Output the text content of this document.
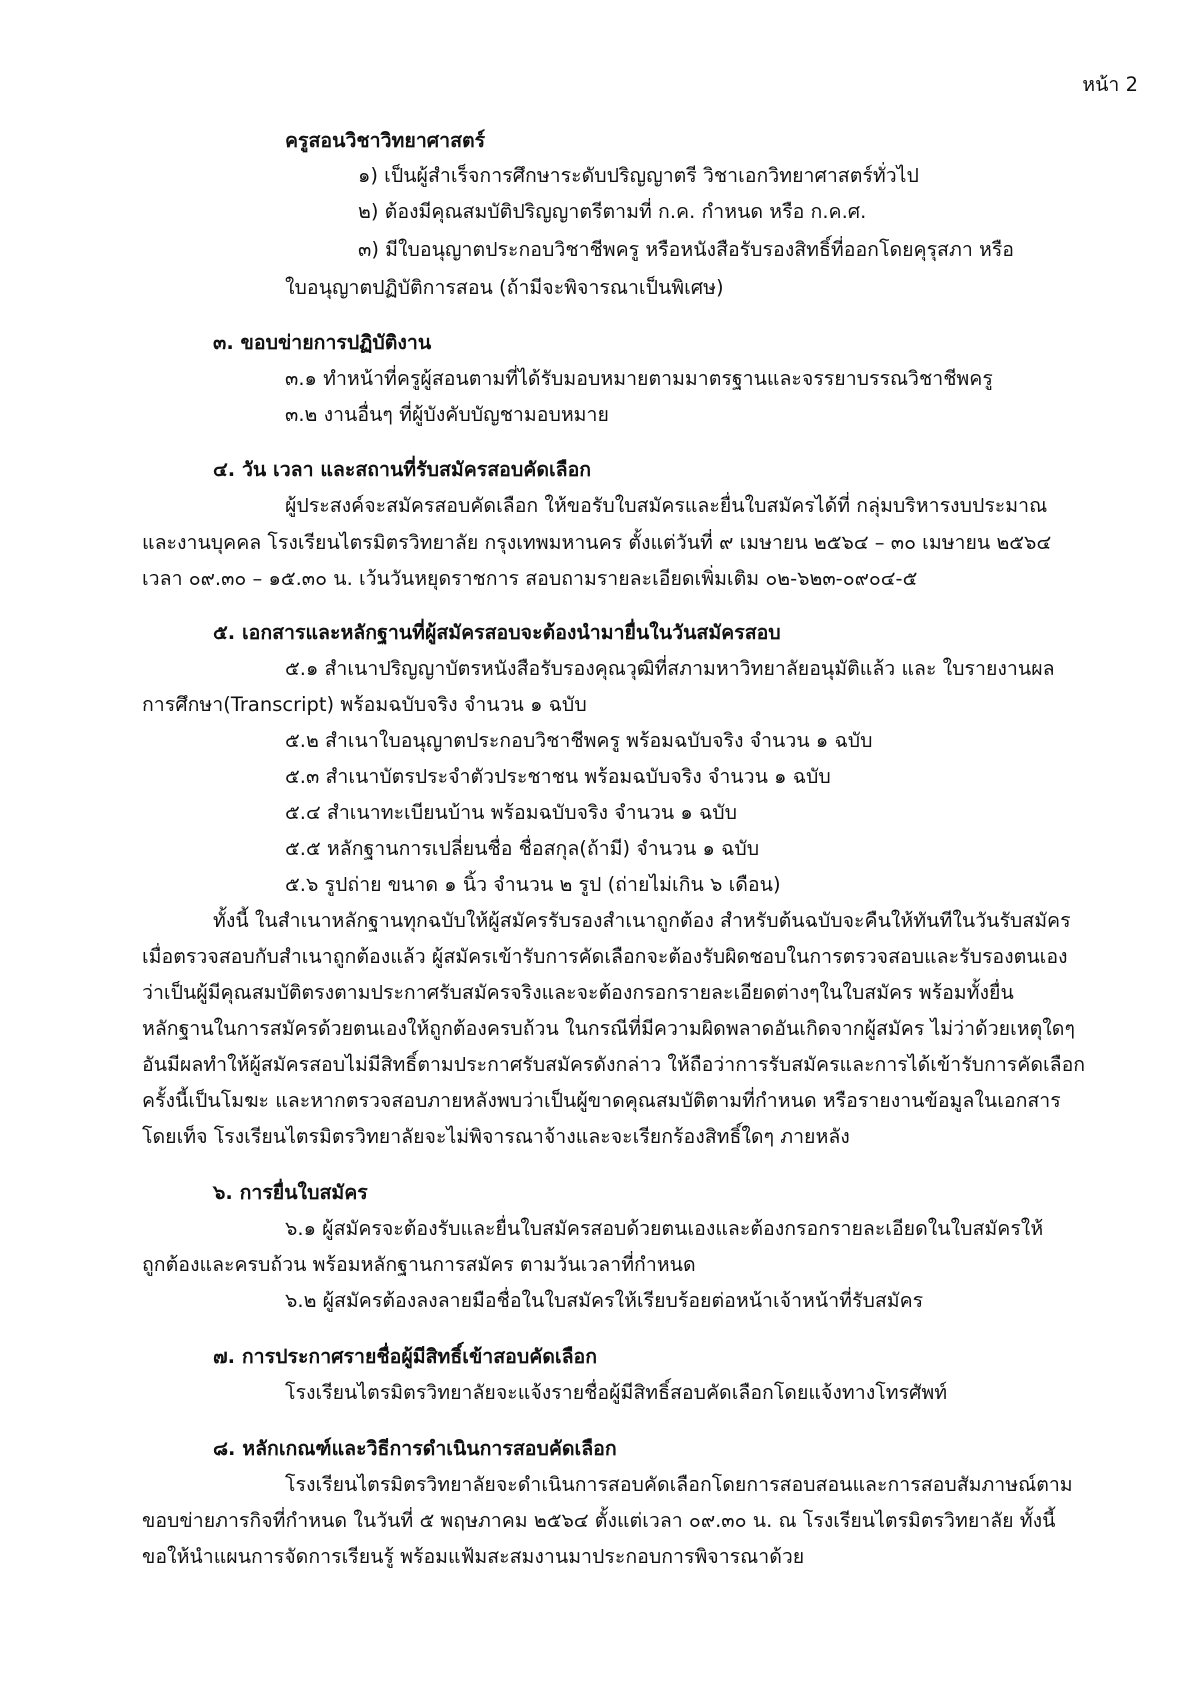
หน้า 2
ครูสอนวิชาวิทยาศาสตร์
๑) เป็นผู้สำเร็จการศึกษาระดับปริญญาตรี วิชาเอกวิทยาศาสตร์ทั่วไป
๒) ต้องมีคุณสมบัติปริญญาตรีตามที่ ก.ค. กำหนด หรือ ก.ค.ศ.
๓) มีใบอนุญาตประกอบวิชาชีพครู หรือหนังสือรับรองสิทธิ์ที่ออกโดยคุรุสภา หรือ
ใบอนุญาตปฏิบัติการสอน (ถ้ามีจะพิจารณาเป็นพิเศษ)
๓. ขอบข่ายการปฏิบัติงาน
๓.๑ ทำหน้าที่ครูผู้สอนตามที่ได้รับมอบหมายตามมาตรฐานและจรรยาบรรณวิชาชีพครู
๓.๒ งานอื่นๆ ที่ผู้บังคับบัญชามอบหมาย
๔. วัน เวลา และสถานที่รับสมัครสอบคัดเลือก
ผู้ประสงค์จะสมัครสอบคัดเลือก ให้ขอรับใบสมัครและยื่นใบสมัครได้ที่ กลุ่มบริหารงบประมาณ
และงานบุคคล โรงเรียนไตรมิตรวิทยาลัย กรุงเทพมหานคร ตั้งแต่วันที่ ๙ เมษายน ๒๕๖๔ – ๓๐ เมษายน ๒๕๖๔
เวลา ๐๙.๓๐ – ๑๕.๓๐ น. เว้นวันหยุดราชการ สอบถามรายละเอียดเพิ่มเติม ๐๒-๖๒๓-๐๙๐๔-๕
๕. เอกสารและหลักฐานที่ผู้สมัครสอบจะต้องนำมายื่นในวันสมัครสอบ
๕.๑ สำเนาปริญญาบัตรหนังสือรับรองคุณวุฒิที่สภามหาวิทยาลัยอนุมัติแล้ว และ ใบรายงานผล
การศึกษา(Transcript) พร้อมฉบับจริง จำนวน ๑ ฉบับ
๕.๒ สำเนาใบอนุญาตประกอบวิชาชีพครู พร้อมฉบับจริง จำนวน ๑ ฉบับ
๕.๓ สำเนาบัตรประจำตัวประชาชน พร้อมฉบับจริง จำนวน ๑ ฉบับ
๕.๔ สำเนาทะเบียนบ้าน พร้อมฉบับจริง จำนวน ๑ ฉบับ
๕.๕ หลักฐานการเปลี่ยนชื่อ ชื่อสกุล(ถ้ามี) จำนวน ๑ ฉบับ
๕.๖ รูปถ่าย ขนาด ๑ นิ้ว จำนวน ๒ รูป (ถ่ายไม่เกิน ๖ เดือน)
ทั้งนี้ ในสำเนาหลักฐานทุกฉบับให้ผู้สมัครรับรองสำเนาถูกต้อง สำหรับต้นฉบับจะคืนให้ทันทีในวันรับสมัคร
เมื่อตรวจสอบกับสำเนาถูกต้องแล้ว ผู้สมัครเข้ารับการคัดเลือกจะต้องรับผิดชอบในการตรวจสอบและรับรองตนเอง
ว่าเป็นผู้มีคุณสมบัติตรงตามประกาศรับสมัครจริงและจะต้องกรอกรายละเอียดต่างๆในใบสมัคร พร้อมทั้งยื่น
หลักฐานในการสมัครด้วยตนเองให้ถูกต้องครบถ้วน ในกรณีที่มีความผิดพลาดอันเกิดจากผู้สมัคร ไม่ว่าด้วยเหตุใดๆ
อันมีผลทำให้ผู้สมัครสอบไม่มีสิทธิ์ตามประกาศรับสมัครดังกล่าว ให้ถือว่าการรับสมัครและการได้เข้ารับการคัดเลือก
ครั้งนี้เป็นโมฆะ และหากตรวจสอบภายหลังพบว่าเป็นผู้ขาดคุณสมบัติตามที่กำหนด หรือรายงานข้อมูลในเอกสาร
โดยเท็จ โรงเรียนไตรมิตรวิทยาลัยจะไม่พิจารณาจ้างและจะเรียกร้องสิทธิ์ใดๆ ภายหลัง
๖. การยื่นใบสมัคร
๖.๑ ผู้สมัครจะต้องรับและยื่นใบสมัครสอบด้วยตนเองและต้องกรอกรายละเอียดในใบสมัครให้
ถูกต้องและครบถ้วน พร้อมหลักฐานการสมัคร ตามวันเวลาที่กำหนด
๖.๒ ผู้สมัครต้องลงลายมือชื่อในใบสมัครให้เรียบร้อยต่อหน้าเจ้าหน้าที่รับสมัคร
๗. การประกาศรายชื่อผู้มีสิทธิ์เข้าสอบคัดเลือก
โรงเรียนไตรมิตรวิทยาลัยจะแจ้งรายชื่อผู้มีสิทธิ์สอบคัดเลือกโดยแจ้งทางโทรศัพท์
๘. หลักเกณฑ์และวิธีการดำเนินการสอบคัดเลือก
โรงเรียนไตรมิตรวิทยาลัยจะดำเนินการสอบคัดเลือกโดยการสอบสอนและการสอบสัมภาษณ์ตาม
ขอบข่ายภารกิจที่กำหนด ในวันที่ ๕ พฤษภาคม ๒๕๖๔ ตั้งแต่เวลา ๐๙.๓๐ น. ณ โรงเรียนไตรมิตรวิทยาลัย ทั้งนี้
ขอให้นำแผนการจัดการเรียนรู้ พร้อมแฟ้มสะสมงานมาประกอบการพิจารณาด้วย
